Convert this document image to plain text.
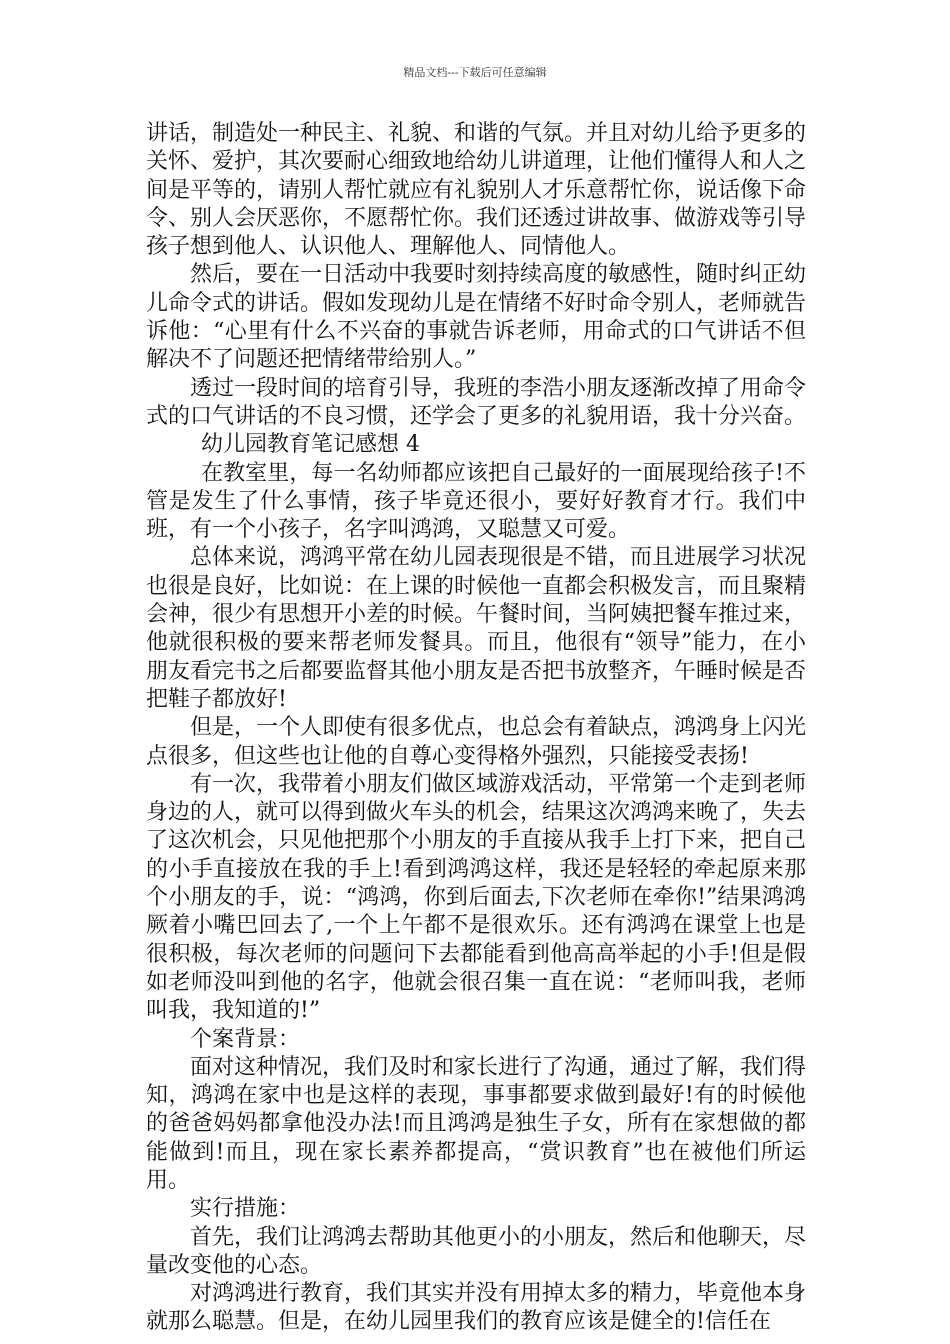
精品文档---下载后可任意编辑

讲话，制造处一种民主、礼貌、和谐的气氛。并且对幼儿给予更多的关怀、爱护，其次要耐心细致地给幼儿讲道理，让他们懂得人和人之间是平等的，请别人帮忙就应有礼貌别人才乐意帮忙你，说话像下命令、别人会厌恶你，不愿帮忙你。我们还透过讲故事、做游戏等引导孩子想到他人、认识他人、理解他人、同情他人。

然后，要在一日活动中我要时刻持续高度的敏感性，随时纠正幼儿命令式的讲话。假如发现幼儿是在情绪不好时命令别人，老师就告诉他：“心里有什么不兴奋的事就告诉老师，用命式的口气讲话不但解决不了问题还把情绪带给别人。”

透过一段时间的培育引导，我班的李浩小朋友逐渐改掉了用命令式的口气讲话的不良习惯，还学会了更多的礼貌用语，我十分兴奋。

幼儿园教育笔记感想 4

在教室里，每一名幼师都应该把自己最好的一面展现给孩子!不管是发生了什么事情，孩子毕竟还很小，要好好教育才行。我们中班，有一个小孩子，名字叫鸿鸿，又聪慧又可爱。

总体来说，鸿鸿平常在幼儿园表现很是不错，而且进展学习状况也很是良好，比如说：在上课的时候他一直都会积极发言，而且聚精会神，很少有思想开小差的时候。午餐时间，当阿姨把餐车推过来，他就很积极的要来帮老师发餐具。而且，他很有“领导”能力，在小朋友看完书之后都要监督其他小朋友是否把书放整齐，午睡时候是否把鞋子都放好!

但是，一个人即使有很多优点，也总会有着缺点，鸿鸿身上闪光点很多，但这些也让他的自尊心变得格外强烈，只能接受表扬!

有一次，我带着小朋友们做区域游戏活动，平常第一个走到老师身边的人，就可以得到做火车头的机会，结果这次鸿鸿来晚了，失去了这次机会，只见他把那个小朋友的手直接从我手上打下来，把自己的小手直接放在我的手上!看到鸿鸿这样，我还是轻轻的牵起原来那个小朋友的手，说：“鸿鸿，你到后面去,下次老师在牵你!”结果鸿鸿厥着小嘴巴回去了,一个上午都不是很欢乐。还有鸿鸿在课堂上也是很积极，每次老师的问题问下去都能看到他高高举起的小手!但是假如老师没叫到他的名字，他就会很召集一直在说：“老师叫我，老师叫我，我知道的!”

个案背景：

面对这种情况，我们及时和家长进行了沟通，通过了解，我们得知，鸿鸿在家中也是这样的表现，事事都要求做到最好!有的时候他的爸爸妈妈都拿他没办法!而且鸿鸿是独生子女，所有在家想做的都能做到!而且，现在家长素养都提高，“赏识教育”也在被他们所运用。

实行措施：

首先，我们让鸿鸿去帮助其他更小的小朋友，然后和他聊天，尽量改变他的心态。

对鸿鸿进行教育，我们其实并没有用掉太多的精力，毕竟他本身就那么聪慧。但是，在幼儿园里我们的教育应该是健全的!信任在
